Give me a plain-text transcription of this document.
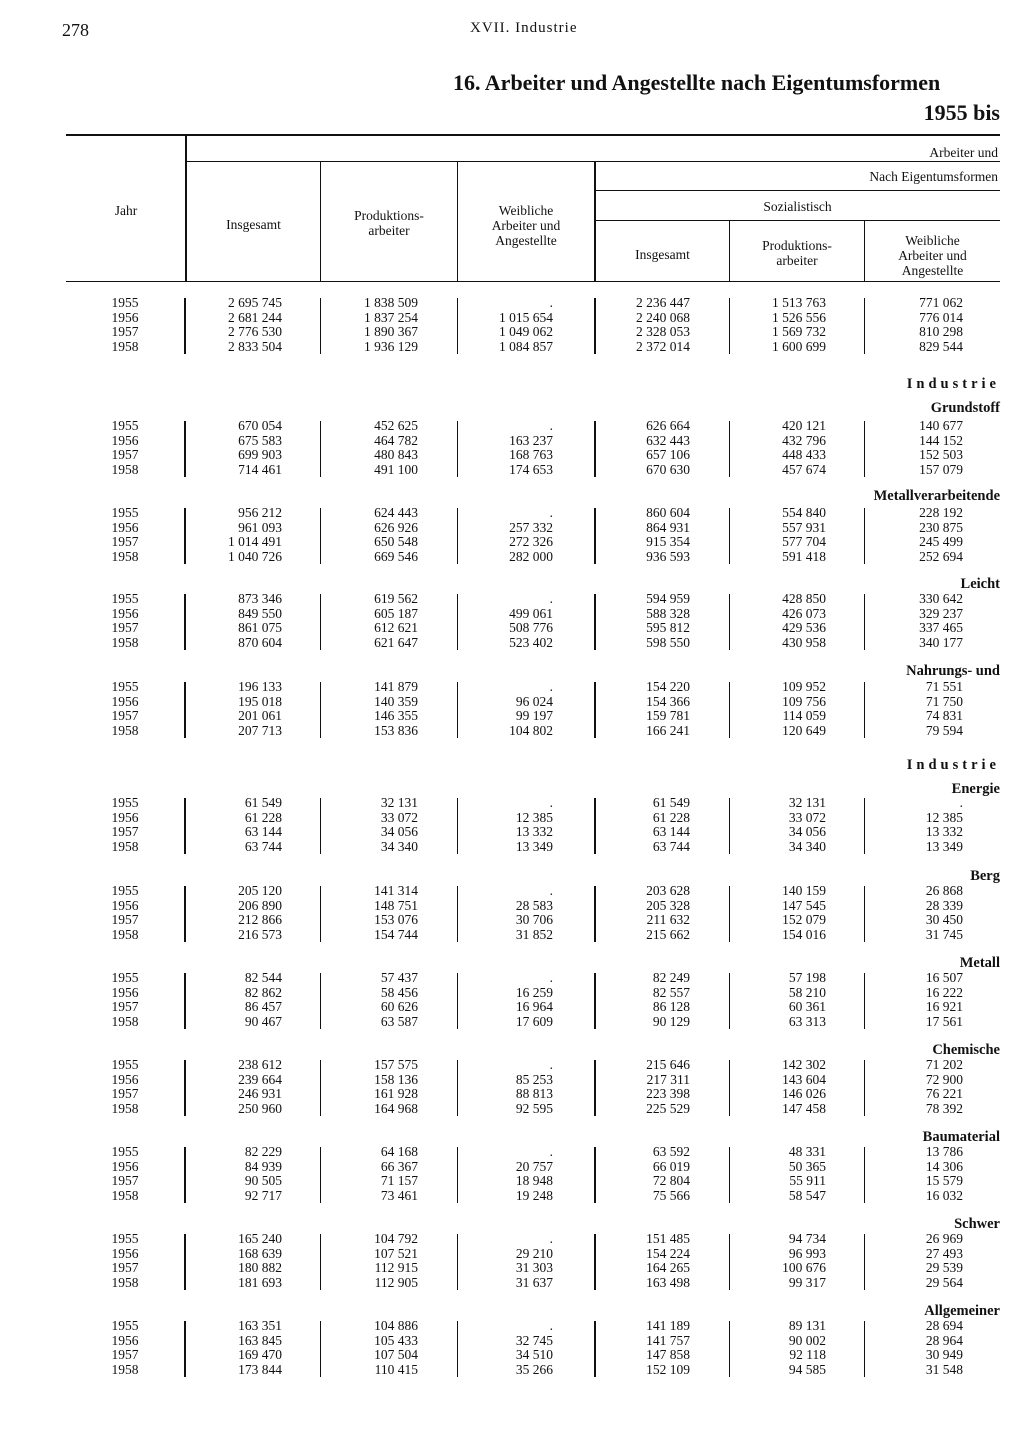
278	XVII. Industrie
16. Arbeiter und Angestellte nach Eigentumsformen
1955 bis
Jahr
Arbeiter und
Nach Eigentumsformen
Sozialistisch
Insgesamt
Produktions-
arbeiter
Weibliche
Arbeiter und
Angestellte
Insgesamt
Produktions-
arbeiter
Weibliche
Arbeiter und
Angestellte
Industrie
Industrie
Grundstoff
Metallverarbeitende
Leicht
Nahrungs- und
Energie
Berg
Metall
Chemische
Baumaterial
Schwer
Allgemeiner
1955
1956
1957
1958
2 695 745
2 681 244
2 776 530
2 833 504
1 838 509
1 837 254
1 890 367
1 936 129
.
1 015 654
1 049 062
1 084 857
2 236 447
2 240 068
2 328 053
2 372 014
1 513 763
1 526 556
1 569 732
1 600 699
771 062
776 014
810 298
829 544
1955
1956
1957
1958
670 054
675 583
699 903
714 461
452 625
464 782
480 843
491 100
.
163 237
168 763
174 653
626 664
632 443
657 106
670 630
420 121
432 796
448 433
457 674
140 677
144 152
152 503
157 079
1955
1956
1957
1958
956 212
961 093
1 014 491
1 040 726
624 443
626 926
650 548
669 546
.
257 332
272 326
282 000
860 604
864 931
915 354
936 593
554 840
557 931
577 704
591 418
228 192
230 875
245 499
252 694
1955
1956
1957
1958
873 346
849 550
861 075
870 604
619 562
605 187
612 621
621 647
.
499 061
508 776
523 402
594 959
588 328
595 812
598 550
428 850
426 073
429 536
430 958
330 642
329 237
337 465
340 177
1955
1956
1957
1958
196 133
195 018
201 061
207 713
141 879
140 359
146 355
153 836
.
96 024
99 197
104 802
154 220
154 366
159 781
166 241
109 952
109 756
114 059
120 649
71 551
71 750
74 831
79 594
1955
1956
1957
1958
61 549
61 228
63 144
63 744
32 131
33 072
34 056
34 340
.
12 385
13 332
13 349
61 549
61 228
63 144
63 744
32 131
33 072
34 056
34 340
.
12 385
13 332
13 349
1955
1956
1957
1958
205 120
206 890
212 866
216 573
141 314
148 751
153 076
154 744
.
28 583
30 706
31 852
203 628
205 328
211 632
215 662
140 159
147 545
152 079
154 016
26 868
28 339
30 450
31 745
1955
1956
1957
1958
82 544
82 862
86 457
90 467
57 437
58 456
60 626
63 587
.
16 259
16 964
17 609
82 249
82 557
86 128
90 129
57 198
58 210
60 361
63 313
16 507
16 222
16 921
17 561
1955
1956
1957
1958
238 612
239 664
246 931
250 960
157 575
158 136
161 928
164 968
.
85 253
88 813
92 595
215 646
217 311
223 398
225 529
142 302
143 604
146 026
147 458
71 202
72 900
76 221
78 392
1955
1956
1957
1958
82 229
84 939
90 505
92 717
64 168
66 367
71 157
73 461
.
20 757
18 948
19 248
63 592
66 019
72 804
75 566
48 331
50 365
55 911
58 547
13 786
14 306
15 579
16 032
1955
1956
1957
1958
165 240
168 639
180 882
181 693
104 792
107 521
112 915
112 905
.
29 210
31 303
31 637
151 485
154 224
164 265
163 498
94 734
96 993
100 676
99 317
26 969
27 493
29 539
29 564
1955
1956
1957
1958
163 351
163 845
169 470
173 844
104 886
105 433
107 504
110 415
.
32 745
34 510
35 266
141 189
141 757
147 858
152 109
89 131
90 002
92 118
94 585
28 694
28 964
30 949
31 548
